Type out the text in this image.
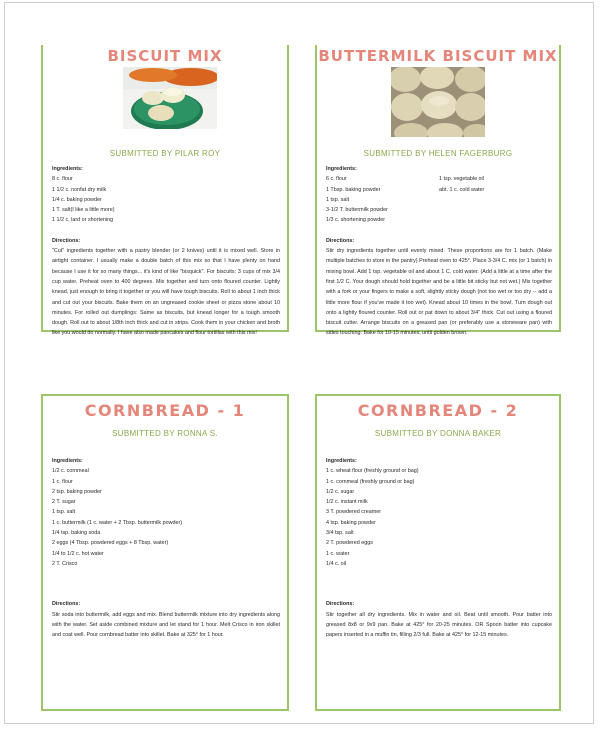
BISCUIT MIX
SUBMITTED BY PILAR ROY
Ingredients:
8 c. flour
1 1/2 c. nonfat dry milk
1/4 c. baking powder
1 T. salt(I like a little more)
1 1/2 c. lard or shortening
Directions:
"Cut" ingredients together with a pastry blender (or 2 knives) until it is mixed well. Store in airtight container. I usually make a double batch of this mix so that I have plenty on hand because I use it for so many things... it's kind of like "bisquick". For biscuits: 3 cups of mix 3/4 cup water. Preheat oven to 400 degrees. Mix together and turn onto floured counter. Lightly knead, just enough to bring it together or you will have tough biscuits. Roll to about 1 inch thick and cut out your biscuits. Bake them on an ungreased cookie sheet or pizza stone about 10 minutes. For rolled out dumplings: Same as biscuits, but knead longer for a tough smooth dough. Roll out to about 1/8th inch thick and cut in strips. Cook them in your chicken and broth like you would do normally. I have also made pancakes and flour tortillas with this mix!
BUTTERMILK BISCUIT MIX
SUBMITTED BY HELEN FAGERBURG
Ingredients:
6 c. flour
1 Tbsp. baking powder
1 tsp. salt
3-1/2 T. buttermilk powder
1/3 c. shortening powder
1 tsp. vegetable oil
abt. 1 c. cold water
Directions:
Stir dry ingredients together until evenly mixed. These proportions are for 1 batch. (Make multiple batches to store in the pantry) Preheat oven to 425°. Place 3-3/4 C. mix (or 1 batch) in mixing bowl. Add 1 tsp. vegetable oil and about 1 C. cold water. (Add a little at a time after the first 1/2 C. Your dough should hold together and be a little bit sticky but not wet.) Mix together with a fork or your fingers to make a soft, slightly sticky dough (not too wet or too dry -- add a little more flour if you've made it too wet). Knead about 10 times in the bowl. Turn dough out onto a lightly floured counter. Roll out or pat down to about 3/4" thick. Cut out using a floured biscuit cutter. Arrange biscuits on a greased pan (or preferably use a stoneware pan) with sides touching. Bake for 10-15 minutes, until golden brown.
CORNBREAD - 1
SUBMITTED BY RONNA S.
Ingredients:
1/2 c. cornmeal
1 c. flour
2 tsp. baking powder
2 T. sugar
1 tsp. salt
1 c. buttermilk (1 c. water + 2 Tbsp. buttermilk powder)
1/4 tsp. baking soda
2 eggs (4 Tbsp. powdered eggs + 8 Tbsp. water)
1/4 to 1/2 c. hot water
2 T. Crisco
Directions:
Stir soda into buttermilk, add eggs and mix. Blend buttermilk mixture into dry ingredients along with the water. Set aside combined mixture and let stand for 1 hour. Melt Crisco in iron skillet and coat well. Pour cornbread batter into skillet. Bake at 325° for 1 hour.
CORNBREAD - 2
SUBMITTED BY DONNA BAKER
Ingredients:
1 c. wheat flour (freshly ground or bag)
1 c. cornmeal (freshly ground or bag)
1/2 c. sugar
1/2 c. instant milk
3 T. powdered creamer
4 tsp. baking powder
3/4 tsp. salt
2 T. powdered eggs
1 c. water
1/4 c. oil
Directions:
Stir together all dry ingredients. Mix in water and oil. Beat until smooth. Pour batter into greased 8x8 or 9x9 pan. Bake at 425° for 20-25 minutes. OR Spoon batter into cupcake papers inserted in a muffin tin, filling 2/3 full. Bake at 425° for 12-15 minutes.
